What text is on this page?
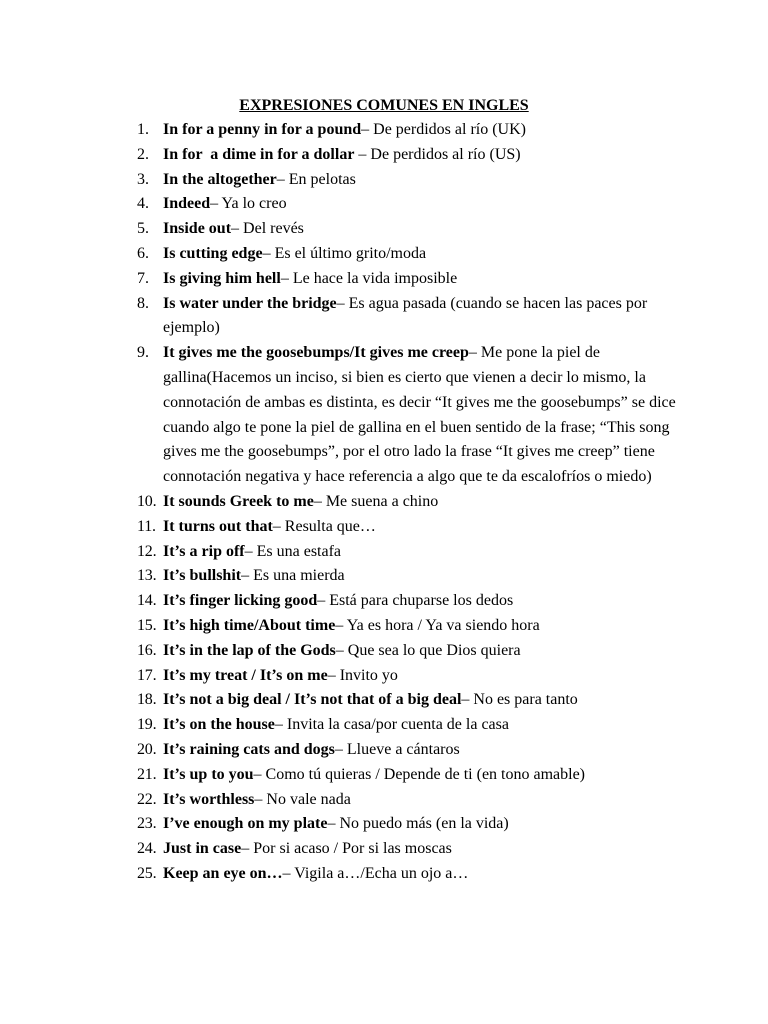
EXPRESIONES COMUNES EN INGLES
1. In for a penny in for a pound– De perdidos al río (UK)
2. In for  a dime in for a dollar – De perdidos al río (US)
3. In the altogether– En pelotas
4. Indeed– Ya lo creo
5. Inside out– Del revés
6. Is cutting edge– Es el último grito/moda
7. Is giving him hell– Le hace la vida imposible
8. Is water under the bridge– Es agua pasada (cuando se hacen las paces por ejemplo)
9. It gives me the goosebumps/It gives me creep– Me pone la piel de gallina(Hacemos un inciso, si bien es cierto que vienen a decir lo mismo, la connotación de ambas es distinta, es decir “It gives me the goosebumps” se dice cuando algo te pone la piel de gallina en el buen sentido de la frase; “This song gives me the goosebumps”, por el otro lado la frase “It gives me creep” tiene connotación negativa y hace referencia a algo que te da escalofríos o miedo)
10. It sounds Greek to me– Me suena a chino
11. It turns out that– Resulta que…
12. It’s a rip off– Es una estafa
13. It’s bullshit– Es una mierda
14. It’s finger licking good– Está para chuparse los dedos
15. It’s high time/About time– Ya es hora / Ya va siendo hora
16. It’s in the lap of the Gods– Que sea lo que Dios quiera
17. It’s my treat / It’s on me– Invito yo
18. It’s not a big deal / It’s not that of a big deal– No es para tanto
19. It’s on the house– Invita la casa/por cuenta de la casa
20. It’s raining cats and dogs– Llueve a cántaros
21. It’s up to you– Como tú quieras / Depende de ti (en tono amable)
22. It’s worthless– No vale nada
23. I’ve enough on my plate– No puedo más (en la vida)
24. Just in case– Por si acaso / Por si las moscas
25. Keep an eye on…– Vigila a…/Echa un ojo a…
